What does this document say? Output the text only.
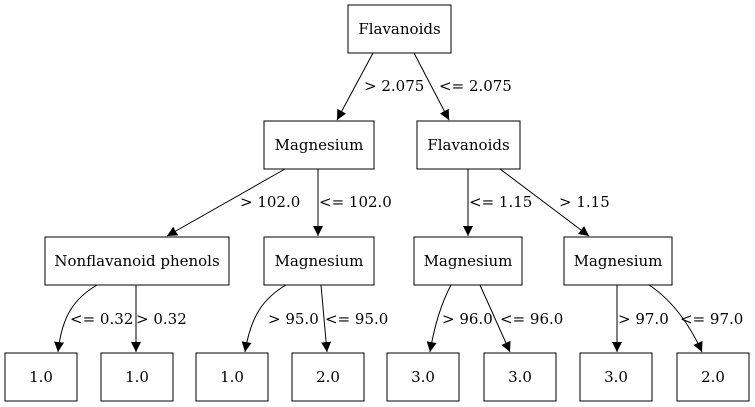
> 2.075 <= 2.075
> 102.0 <= 102.0	<= 1.15 > 1.15
<= 0.32 > 0.32	> 95.0 <= 95.0	> 96.0 <= 96.0	> 97.0 <= 97.0
Flavanoids
Magnesium	Flavanoids
Nonflavanoid phenols	Magnesium	Magnesium	Magnesium
1.0	1.0	1.0	2.0	3.0	3.0	3.0	2.0
